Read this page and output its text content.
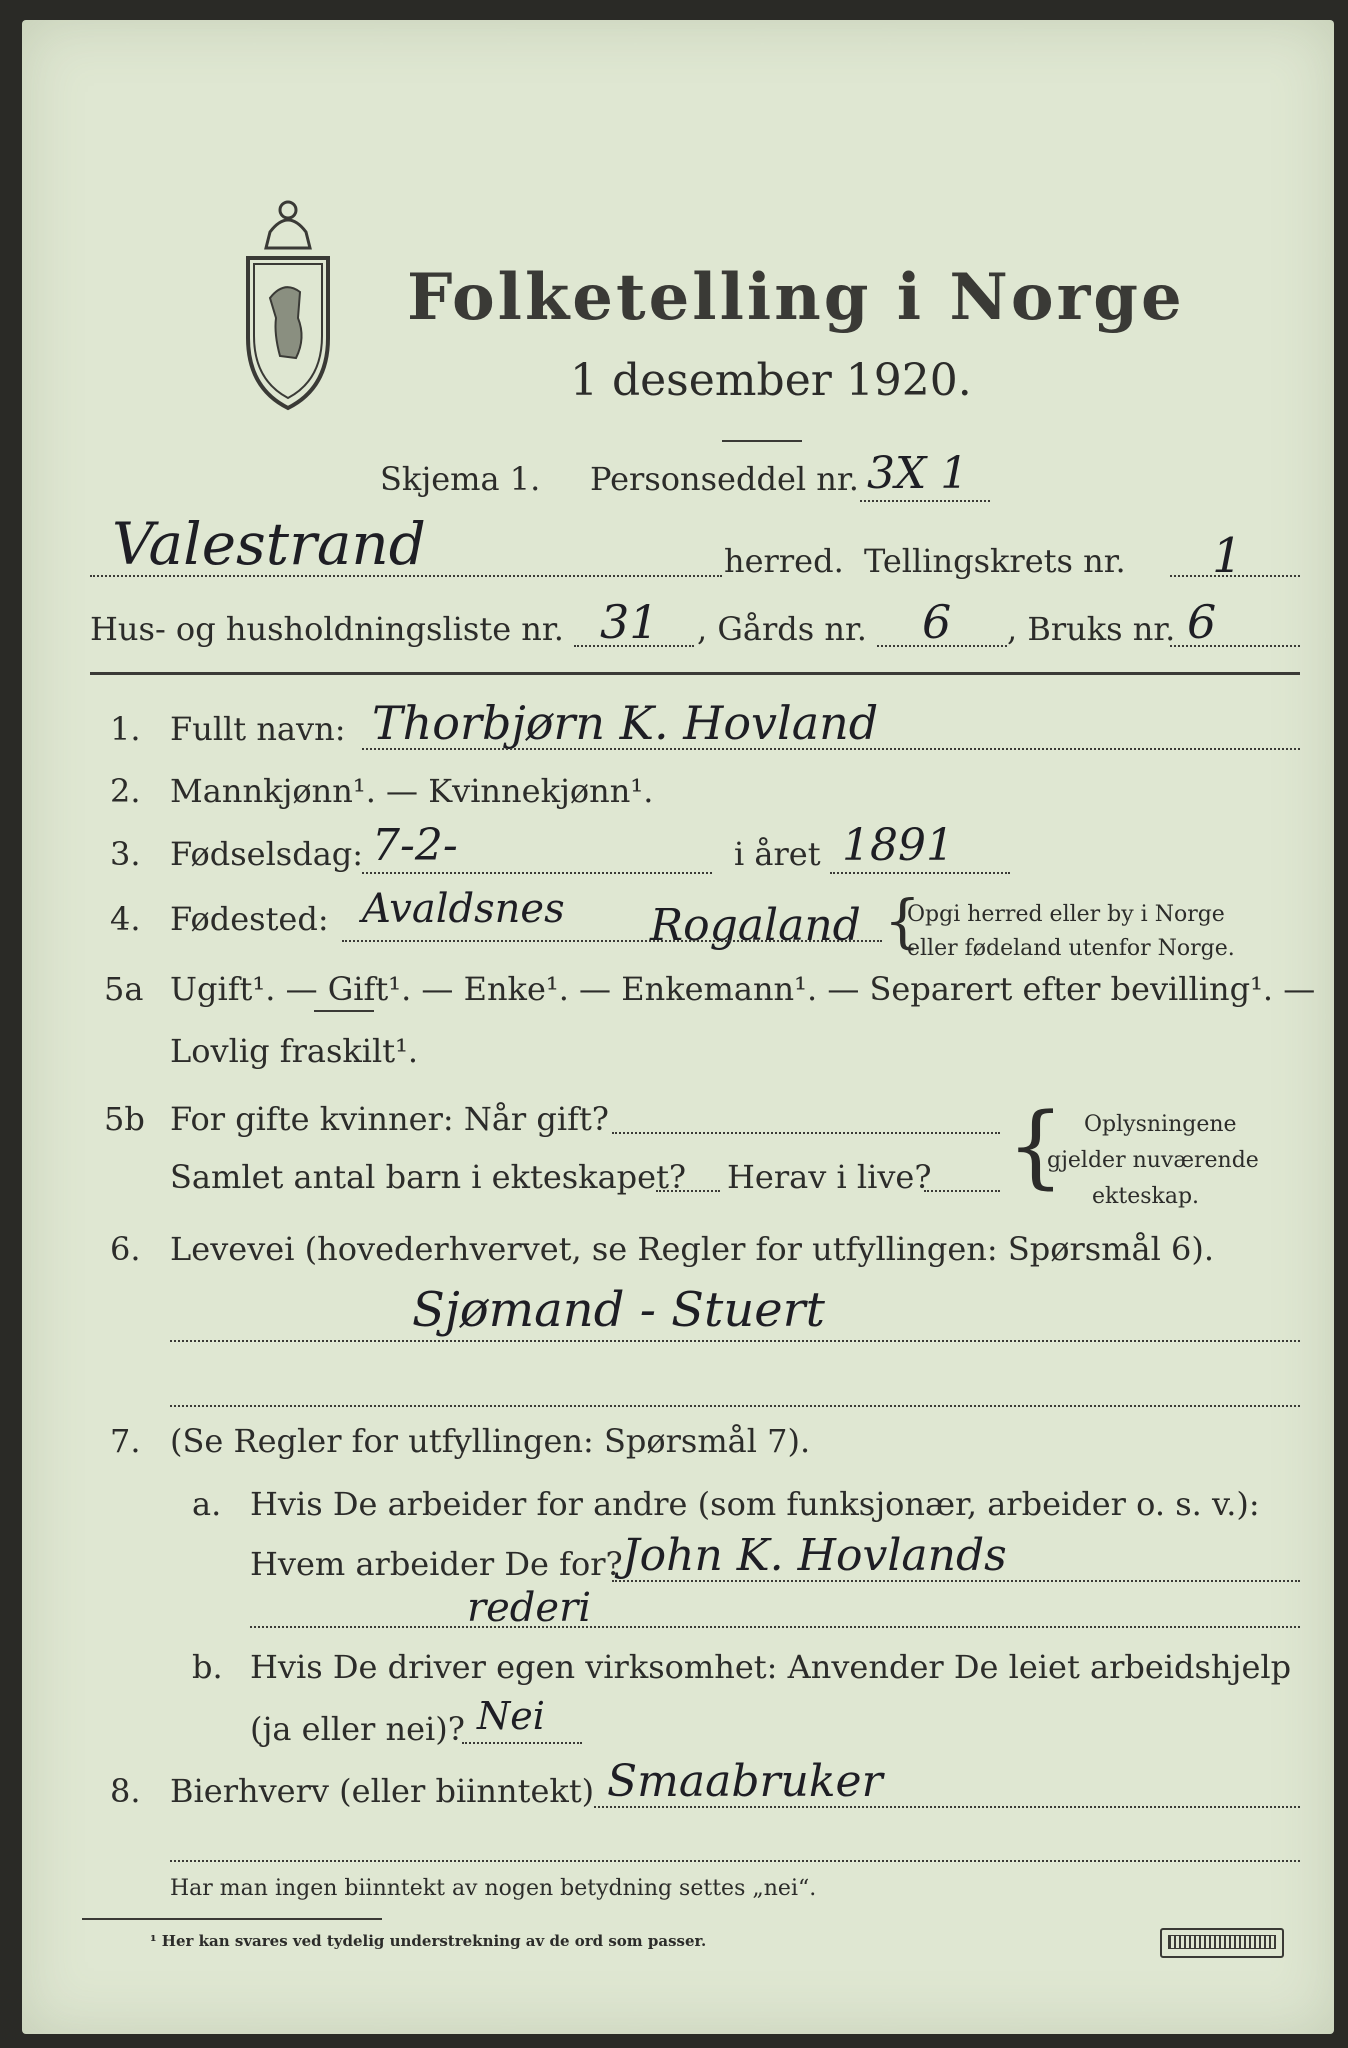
Folketelling i Norge
1 desember 1920.
Skjema 1. Personseddel nr. 3X 1
Valestrand	herred. Tellingskrets nr. 1
Hus- og husholdningsliste nr. 31 , Gårds nr. 6 , Bruks nr. 6
1. Fullt navn: Thorbjørn K. Hovland
2. Mannkjønn¹. — Kvinnekjønn¹.
3. Fødselsdag: 7-2-	i året 1891
4. Fødested: Avaldsnes Rogaland {
Opgi herred eller by i Norge
eller fødeland utenfor Norge.
5a Ugift¹. — Gift¹. — Enke¹. — Enkemann¹. — Separert efter bevilling¹. —
Lovlig fraskilt¹.
5b For gifte kvinner: Når gift?
Samlet antal barn i ekteskapet? Herav i live? { Oplysningene
gjelder nuværende
ekteskap.
6. Levevei (hovederhvervet, se Regler for utfyllingen: Spørsmål 6).
Sjømand - Stuert
7. (Se Regler for utfyllingen: Spørsmål 7).
a. Hvis De arbeider for andre (som funksjonær, arbeider o. s. v.):
Hvem arbeider De for? John K. Hovlands
rederi
b. Hvis De driver egen virksomhet: Anvender De leiet arbeidshjelp
(ja eller nei)? Nei
8. Bierhverv (eller biinntekt) Smaabruker
Har man ingen biinntekt av nogen betydning settes „nei“.
¹ Her kan svares ved tydelig understrekning av de ord som passer.
